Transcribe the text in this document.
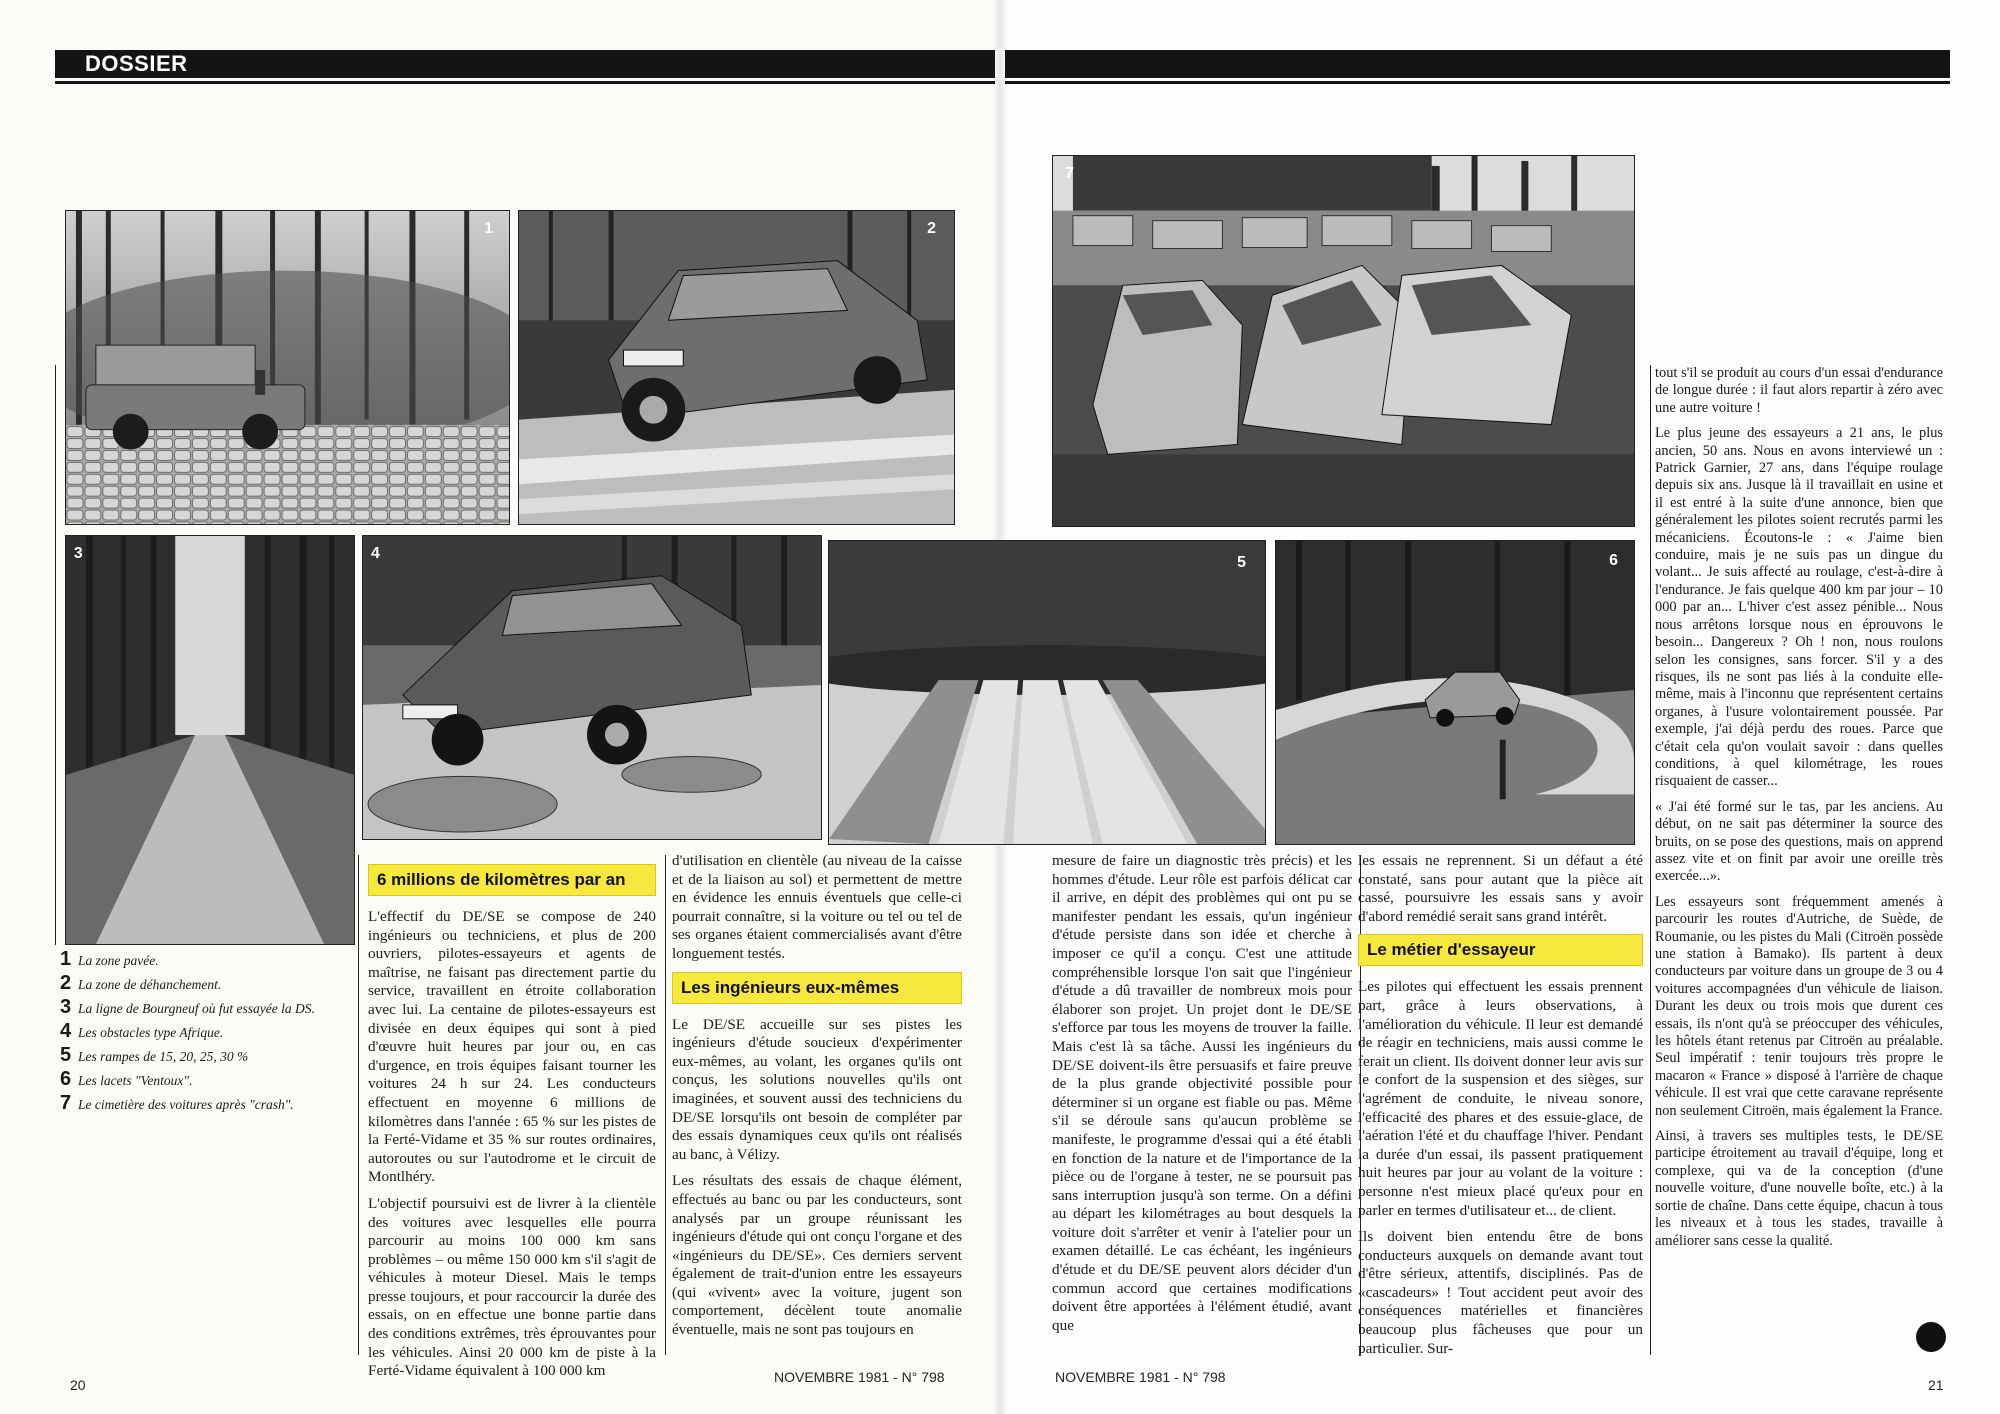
DOSSIER
1	2
3	4
5	6
7
1 La zone pavée.
2 La zone de déhanchement.
3 La ligne de Bourgneuf où fut essayée la DS.
4 Les obstacles type Afrique.
5 Les rampes de 15, 20, 25, 30 %
6 Les lacets "Ventoux".
7 Le cimetière des voitures après "crash".
6 millions de kilomètres par an

L'effectif du DE/SE se compose de 240 ingénieurs ou techniciens, et plus de 200 ouvriers, pilotes-essayeurs et agents de maîtrise, ne faisant pas directement partie du service, travaillent en étroite collaboration avec lui. La centaine de pilotes-essayeurs est divisée en deux équipes qui sont à pied d'œuvre huit heures par jour ou, en cas d'urgence, en trois équipes faisant tourner les voitures 24 h sur 24. Les conducteurs effectuent en moyenne 6 millions de kilomètres dans l'année : 65 % sur les pistes de la Ferté-Vidame et 35 % sur routes ordinaires, autoroutes ou sur l'autodrome et le circuit de Montlhéry.

L'objectif poursuivi est de livrer à la clientèle des voitures avec lesquelles elle pourra parcourir au moins 100 000 km sans problèmes – ou même 150 000 km s'il s'agit de véhicules à moteur Diesel. Mais le temps presse toujours, et pour raccourcir la durée des essais, on en effectue une bonne partie dans des conditions extrêmes, très éprouvantes pour les véhicules. Ainsi 20 000 km de piste à la Ferté-Vidame équivalent à 100 000 km

d'utilisation en clientèle (au niveau de la caisse et de la liaison au sol) et permettent de mettre en évidence les ennuis éventuels que celle-ci pourrait connaître, si la voiture ou tel ou tel de ses organes étaient commercialisés avant d'être longuement testés.

Les ingénieurs eux-mêmes

Le DE/SE accueille sur ses pistes les ingénieurs d'étude soucieux d'expérimenter eux-mêmes, au volant, les organes qu'ils ont conçus, les solutions nouvelles qu'ils ont imaginées, et souvent aussi des techniciens du DE/SE lorsqu'ils ont besoin de compléter par des essais dynamiques ceux qu'ils ont réalisés au banc, à Vélizy.

Les résultats des essais de chaque élément, effectués au banc ou par les conducteurs, sont analysés par un groupe réunissant les ingénieurs d'étude qui ont conçu l'organe et des «ingénieurs du DE/SE». Ces derniers servent également de trait-d'union entre les essayeurs (qui «vivent» avec la voiture, jugent son comportement, décèlent toute anomalie éventuelle, mais ne sont pas toujours en

mesure de faire un diagnostic très précis) et les hommes d'étude. Leur rôle est parfois délicat car il arrive, en dépit des problèmes qui ont pu se manifester pendant les essais, qu'un ingénieur d'étude persiste dans son idée et cherche à imposer ce qu'il a conçu. C'est une attitude compréhensible lorsque l'on sait que l'ingénieur d'étude a dû travailler de nombreux mois pour élaborer son projet. Un projet dont le DE/SE s'efforce par tous les moyens de trouver la faille. Mais c'est là sa tâche. Aussi les ingénieurs du DE/SE doivent-ils être persuasifs et faire preuve de la plus grande objectivité possible pour déterminer si un organe est fiable ou pas. Même s'il se déroule sans qu'aucun problème se manifeste, le programme d'essai qui a été établi en fonction de la nature et de l'importance de la pièce ou de l'organe à tester, ne se poursuit pas sans interruption jusqu'à son terme. On a défini au départ les kilométrages au bout desquels la voiture doit s'arrêter et venir à l'atelier pour un examen détaillé. Le cas échéant, les ingénieurs d'étude et du DE/SE peuvent alors décider d'un commun accord que certaines modifications doivent être apportées à l'élément étudié, avant que

les essais ne reprennent. Si un défaut a été constaté, sans pour autant que la pièce ait cassé, poursuivre les essais sans y avoir d'abord remédié serait sans grand intérêt.

Le métier d'essayeur

Les pilotes qui effectuent les essais prennent part, grâce à leurs observations, à l'amélioration du véhicule. Il leur est demandé de réagir en techniciens, mais aussi comme le ferait un client. Ils doivent donner leur avis sur le confort de la suspension et des sièges, sur l'agrément de conduite, le niveau sonore, l'efficacité des phares et des essuie-glace, de l'aération l'été et du chauffage l'hiver. Pendant la durée d'un essai, ils passent pratiquement huit heures par jour au volant de la voiture : personne n'est mieux placé qu'eux pour en parler en termes d'utilisateur et... de client.

Ils doivent bien entendu être de bons conducteurs auxquels on demande avant tout d'être sérieux, attentifs, disciplinés. Pas de «cascadeurs» ! Tout accident peut avoir des conséquences matérielles et financières beaucoup plus fâcheuses que pour un particulier. Sur-

tout s'il se produit au cours d'un essai d'endurance de longue durée : il faut alors repartir à zéro avec une autre voiture !

Le plus jeune des essayeurs a 21 ans, le plus ancien, 50 ans. Nous en avons interviewé un : Patrick Garnier, 27 ans, dans l'équipe roulage depuis six ans. Jusque là il travaillait en usine et il est entré à la suite d'une annonce, bien que généralement les pilotes soient recrutés parmi les mécaniciens. Écoutons-le : « J'aime bien conduire, mais je ne suis pas un dingue du volant... Je suis affecté au roulage, c'est-à-dire à l'endurance. Je fais quelque 400 km par jour – 10 000 par an... L'hiver c'est assez pénible... Nous nous arrêtons lorsque nous en éprouvons le besoin... Dangereux ? Oh ! non, nous roulons selon les consignes, sans forcer. S'il y a des risques, ils ne sont pas liés à la conduite elle-même, mais à l'inconnu que représentent certains organes, à l'usure volontairement poussée. Par exemple, j'ai déjà perdu des roues. Parce que c'était cela qu'on voulait savoir : dans quelles conditions, à quel kilométrage, les roues risquaient de casser...

« J'ai été formé sur le tas, par les anciens. Au début, on ne sait pas déterminer la source des bruits, on se pose des questions, mais on apprend assez vite et on finit par avoir une oreille très exercée...».

Les essayeurs sont fréquemment amenés à parcourir les routes d'Autriche, de Suède, de Roumanie, ou les pistes du Mali (Citroën possède une station à Bamako). Ils partent à deux conducteurs par voiture dans un groupe de 3 ou 4 voitures accompagnées d'un véhicule de liaison. Durant les deux ou trois mois que durent ces essais, ils n'ont qu'à se préoccuper des véhicules, les hôtels étant retenus par Citroën au préalable. Seul impératif : tenir toujours très propre le macaron « France » disposé à l'arrière de chaque véhicule. Il est vrai que cette caravane représente non seulement Citroën, mais également la France.

Ainsi, à travers ses multiples tests, le DE/SE participe étroitement au travail d'équipe, long et complexe, qui va de la conception (d'une nouvelle voiture, d'une nouvelle boîte, etc.) à la sortie de chaîne. Dans cette équipe, chacun à tous les niveaux et à tous les stades, travaille à améliorer sans cesse la qualité.

20	NOVEMBRE 1981 - N° 798	NOVEMBRE 1981 - N° 798	21
